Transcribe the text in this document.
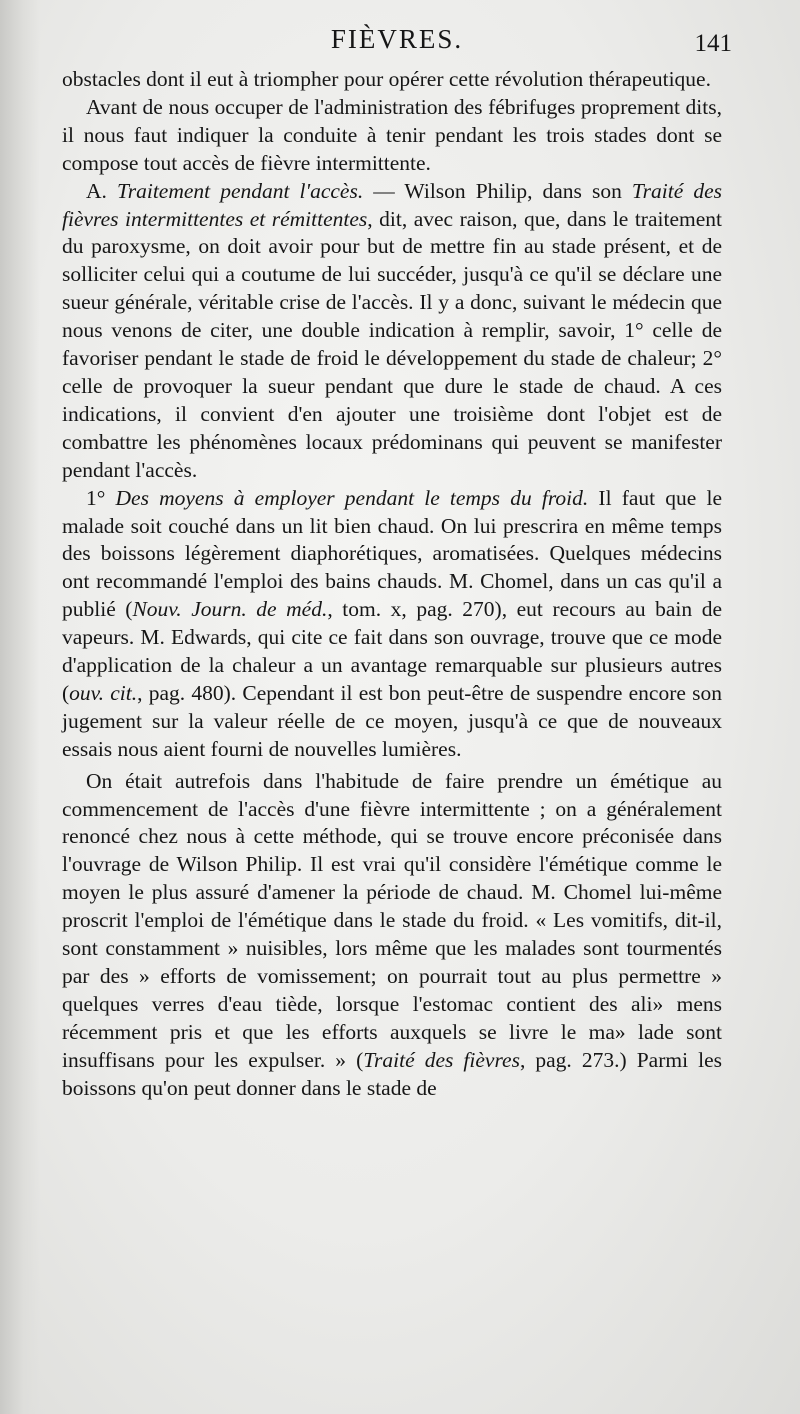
FIÈVRES.	141

obstacles dont il eut à triompher pour opérer cette révolution thérapeutique.

Avant de nous occuper de l'administration des fébrifuges proprement dits, il nous faut indiquer la conduite à tenir pendant les trois stades dont se compose tout accès de fièvre intermittente.

A. Traitement pendant l'accès. — Wilson Philip, dans son Traité des fièvres intermittentes et rémittentes, dit, avec raison, que, dans le traitement du paroxysme, on doit avoir pour but de mettre fin au stade présent, et de solliciter celui qui a coutume de lui succéder, jusqu'à ce qu'il se déclare une sueur générale, véritable crise de l'accès. Il y a donc, suivant le médecin que nous venons de citer, une double indication à remplir, savoir, 1° celle de favoriser pendant le stade de froid le développement du stade de chaleur; 2° celle de provoquer la sueur pendant que dure le stade de chaud. A ces indications, il convient d'en ajouter une troisième dont l'objet est de combattre les phénomènes locaux prédominans qui peuvent se manifester pendant l'accès.

1° Des moyens à employer pendant le temps du froid. Il faut que le malade soit couché dans un lit bien chaud. On lui prescrira en même temps des boissons légèrement diaphorétiques, aromatisées. Quelques médecins ont recommandé l'emploi des bains chauds. M. Chomel, dans un cas qu'il a publié (Nouv. Journ. de méd., tom. x, pag. 270), eut recours au bain de vapeurs. M. Edwards, qui cite ce fait dans son ouvrage, trouve que ce mode d'application de la chaleur a un avantage remarquable sur plusieurs autres (ouv. cit., pag. 480). Cependant il est bon peut-être de suspendre encore son jugement sur la valeur réelle de ce moyen, jusqu'à ce que de nouveaux essais nous aient fourni de nouvelles lumières.

On était autrefois dans l'habitude de faire prendre un émétique au commencement de l'accès d'une fièvre intermittente ; on a généralement renoncé chez nous à cette méthode, qui se trouve encore préconisée dans l'ouvrage de Wilson Philip. Il est vrai qu'il considère l'émétique comme le moyen le plus assuré d'amener la période de chaud. M. Chomel lui-même proscrit l'emploi de l'émétique dans le stade du froid. « Les vomitifs, dit-il, sont constamment » nuisibles, lors même que les malades sont tourmentés par des » efforts de vomissement; on pourrait tout au plus permettre » quelques verres d'eau tiède, lorsque l'estomac contient des ali» mens récemment pris et que les efforts auxquels se livre le ma» lade sont insuffisans pour les expulser. » (Traité des fièvres, pag. 273.) Parmi les boissons qu'on peut donner dans le stade de
